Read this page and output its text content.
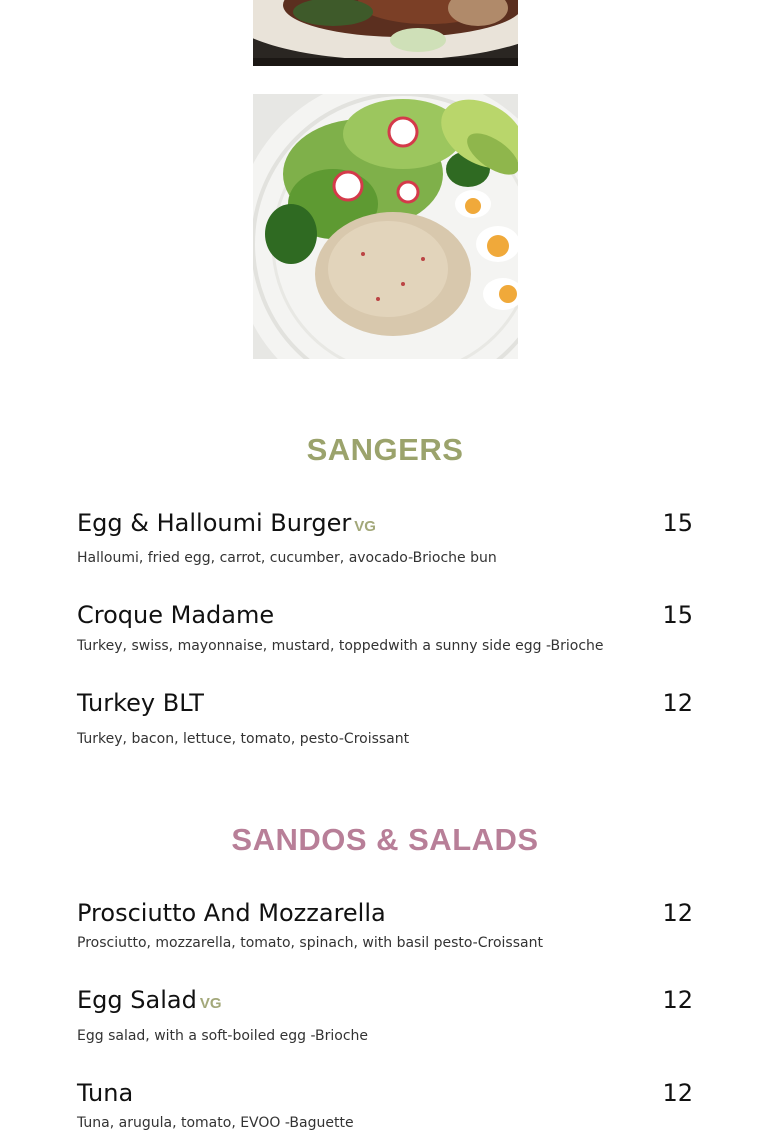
SANGERS
Egg & Halloumi Burger VG	15
Halloumi, fried egg, carrot, cucumber, avocado-Brioche bun
Croque Madame	15
Turkey, swiss, mayonnaise, mustard, toppedwith a sunny side egg -Brioche
Turkey BLT	12
Turkey, bacon, lettuce, tomato, pesto-Croissant
SANDOS & SALADS
Prosciutto And Mozzarella	12
Prosciutto, mozzarella, tomato, spinach, with basil pesto-Croissant
Egg Salad VG	12
Egg salad, with a soft-boiled egg -Brioche
Tuna	12
Tuna, arugula, tomato, EVOO -Baguette
